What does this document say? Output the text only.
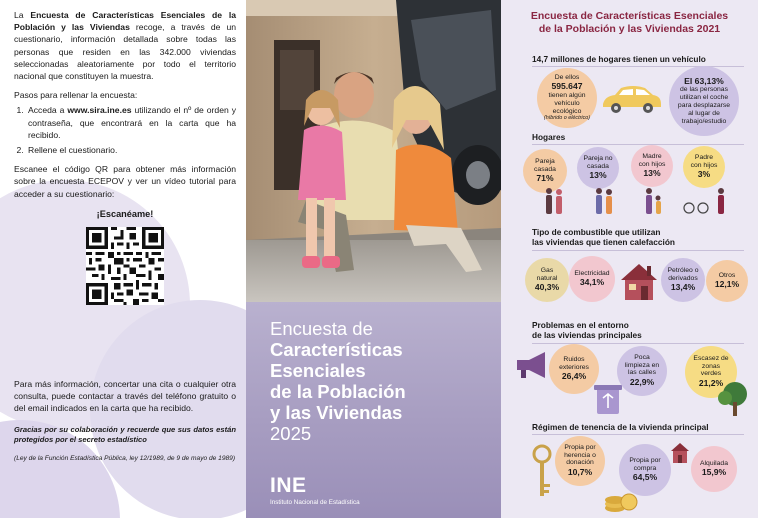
La Encuesta de Características Esenciales de la Población y las Viviendas recoge, a través de un cuestionario, información detallada sobre todas las personas que residen en las 342.000 viviendas seleccionadas aleatoriamente por todo el territorio nacional que constituyen la muestra.

Pasos para rellenar la encuesta:

1. Acceda a www.sira.ine.es utilizando el nº de orden y contraseña, que encontrará en la carta que ha recibido.
2. Rellene el cuestionario.

Escanee el código QR para obtener más información sobre la encuesta ECEPOV y ver un vídeo tutorial para acceder a su cuestionario:

¡Escanéame!

Para más información, concertar una cita o cualquier otra consulta, puede contactar a través del teléfono gratuito o del email indicados en la carta que ha recibido.

Gracias por su colaboración y recuerde que sus datos están protegidos por el secreto estadístico
(Ley de la Función Estadística Pública, ley 12/1989, de 9 de mayo de 1989)
Encuesta de
Características
Esenciales
de la Población
y las Viviendas
2025
INE
Instituto Nacional de Estadística
Encuesta de Características Esenciales
de la Población y las Viviendas 2021
14,7 millones de hogares tienen un vehículo
De ellos
595.647
tienen algún vehículo ecológico
(híbrido o eléctrico)
El 63,13%
de las personas utilizan el coche para desplazarse al lugar de trabajo/estudio
Hogares
Pareja casada
71%
Pareja no casada
13%
Madre con hijos
13%
Padre con hijos
3%
Tipo de combustible que utilizan
las viviendas que tienen calefacción
Gas natural
40,3%
Electricidad
34,1%
Petróleo o derivados
13,4%
Otros
12,1%
Problemas en el entorno
de las viviendas principales
Ruidos exteriores
26,4%
Poca limpieza en las calles
22,9%
Escasez de zonas verdes
21,2%
Régimen de tenencia de la vivienda principal
Propia por herencia o donación
10,7%
Propia por compra
64,5%
Alquilada
15,9%
